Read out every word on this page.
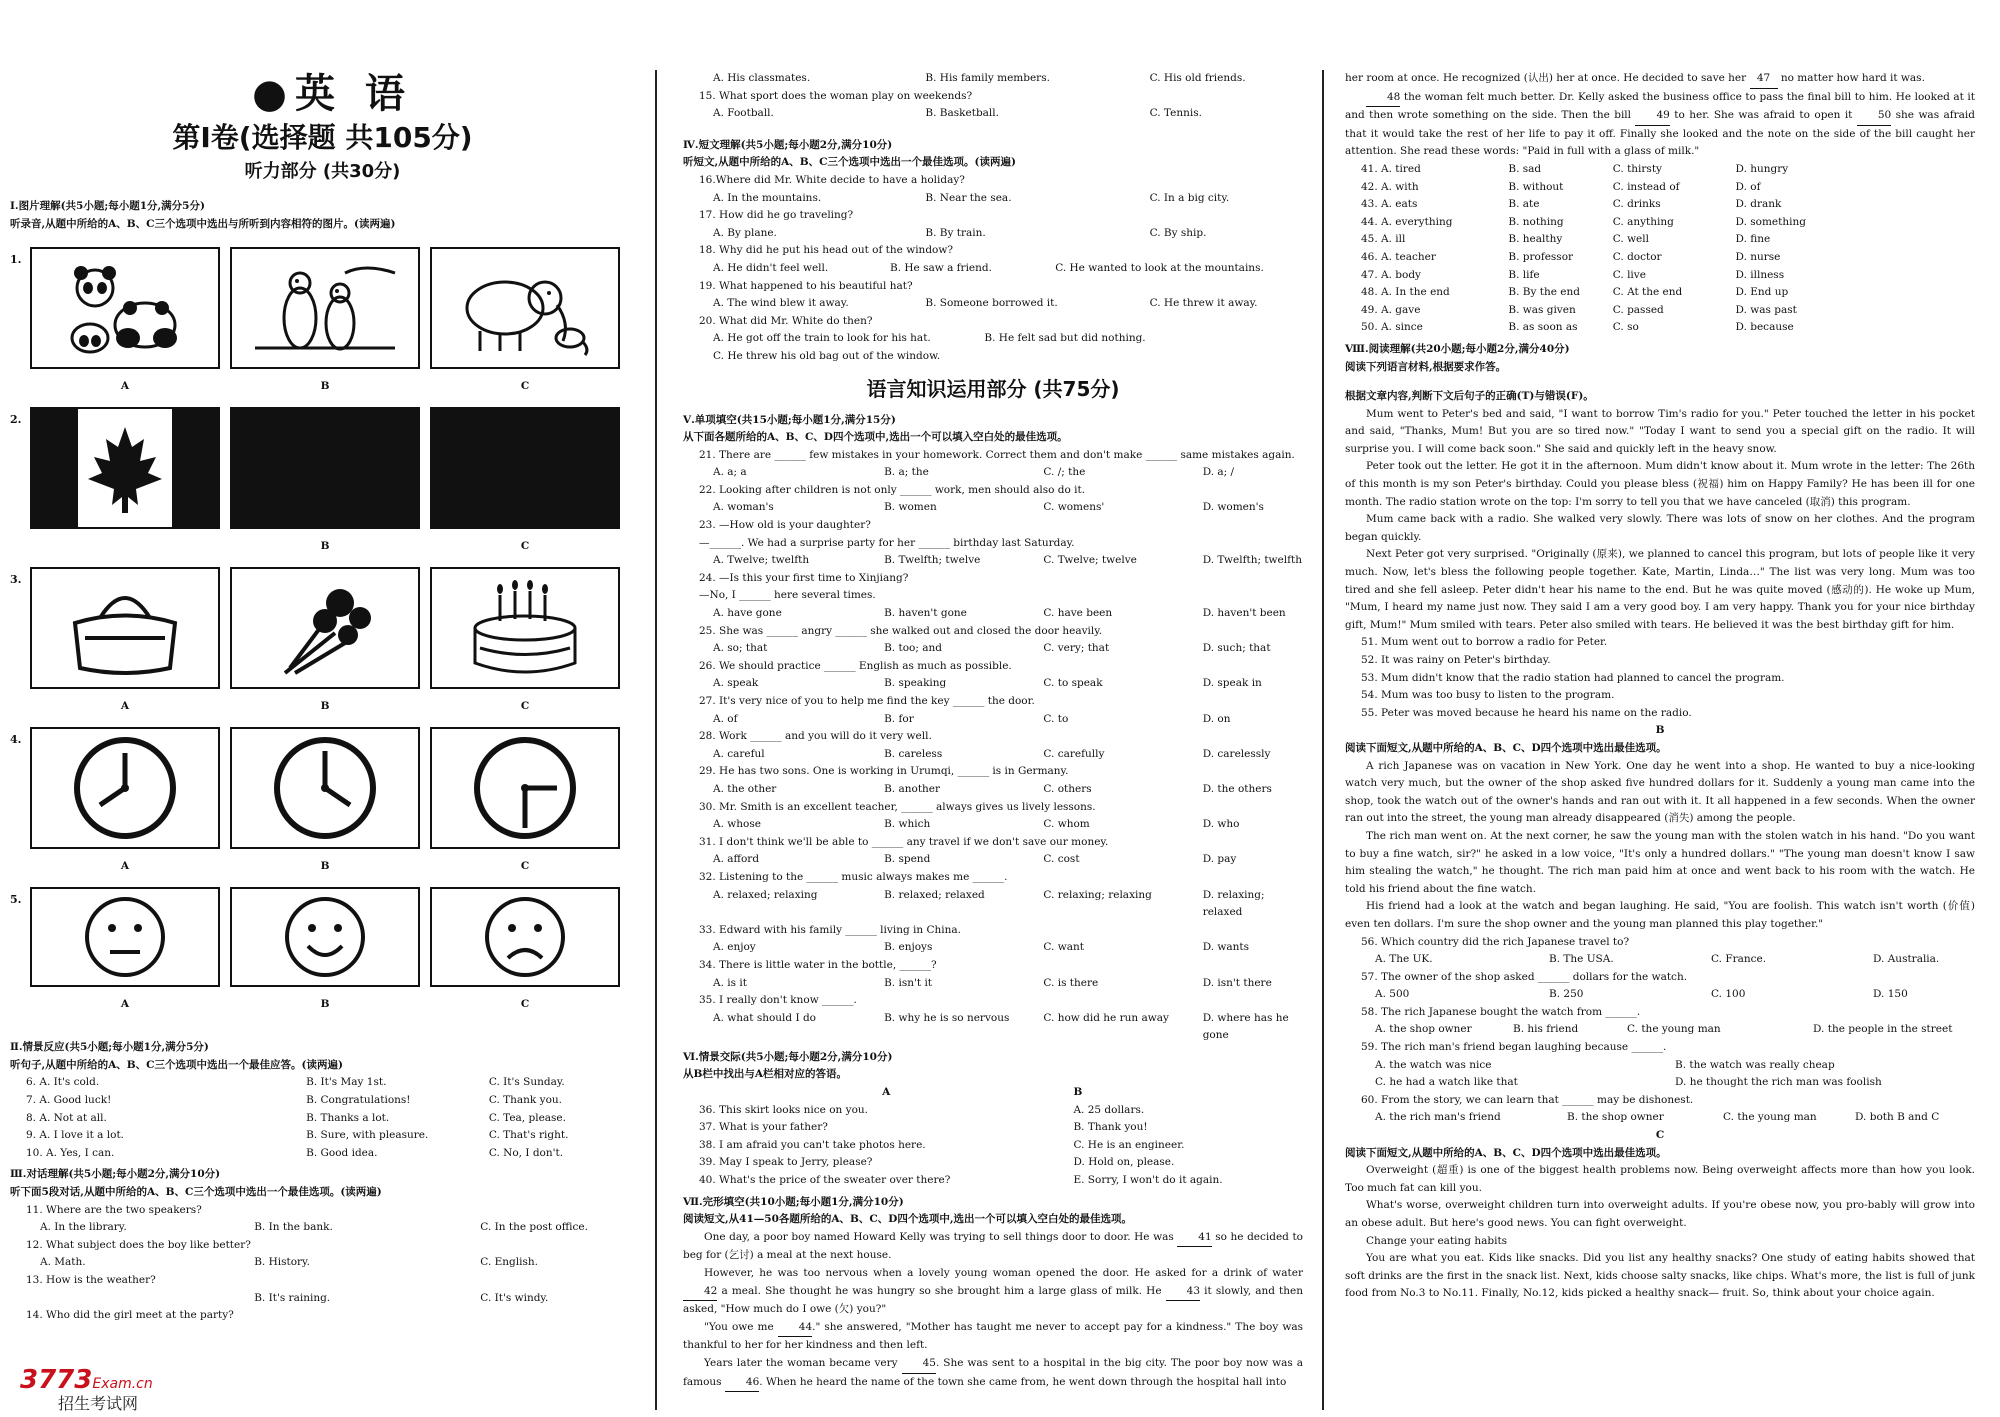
●英 语
第Ⅰ卷(选择题 共105分)
听力部分 (共30分)
Ⅰ.图片理解(共5小题;每小题1分,满分5分)
听录音,从题中所给的A、B、C三个选项中选出与所听到内容相符的图片。(读两遍)
1.
A	B	C
2.
B	C
3.
A	B	C
4.
A	B	C
5.
A	B	C
Ⅱ.情景反应(共5小题;每小题1分,满分5分)
听句子,从题中所给的A、B、C三个选项中选出一个最佳应答。(读两遍)
6. A. It's cold.	B. It's May 1st.	C. It's Sunday.
7. A. Good luck!	B. Congratulations!	C. Thank you.
8. A. Not at all.	B. Thanks a lot.	C. Tea, please.
9. A. I love it a lot.	B. Sure, with pleasure.	C. That's right.
10. A. Yes, I can.	B. Good idea.	C. No, I don't.
Ⅲ.对话理解(共5小题;每小题2分,满分10分)
听下面5段对话,从题中所给的A、B、C三个选项中选出一个最佳选项。(读两遍)
11. Where are the two speakers?
A. In the library.	B. In the bank.	C. In the post office.
12. What subject does the boy like better?
A. Math.	B. History.	C. English.
13. How is the weather?
B. It's raining.	C. It's windy.
14. Who did the girl meet at the party?
3773Exam.cn
招生考试网
A. His classmates.	B. His family members.	C. His old friends.
15. What sport does the woman play on weekends?
A. Football.	B. Basketball.	C. Tennis.
Ⅳ.短文理解(共5小题;每小题2分,满分10分)
听短文,从题中所给的A、B、C三个选项中选出一个最佳选项。(读两遍)
16.Where did Mr. White decide to have a holiday?
A. In the mountains.	B. Near the sea.	C. In a big city.
17. How did he go traveling?
A. By plane.	B. By train.	C. By ship.
18. Why did he put his head out of the window?
A. He didn't feel well.	B. He saw a friend.	C. He wanted to look at the mountains.
19. What happened to his beautiful hat?
A. The wind blew it away.	B. Someone borrowed it.	C. He threw it away.
20. What did Mr. White do then?
A. He got off the train to look for his hat.	B. He felt sad but did nothing.
C. He threw his old bag out of the window.
语言知识运用部分 (共75分)
Ⅴ.单项填空(共15小题;每小题1分,满分15分)
从下面各题所给的A、B、C、D四个选项中,选出一个可以填入空白处的最佳选项。
21. There are ______ few mistakes in your homework. Correct them and don't make ______ same mistakes again.
A. a; a	B. a; the	C. /; the	D. a; /
22. Looking after children is not only ______ work, men should also do it.
A. woman's	B. women	C. womens'	D. women's
23. —How old is your daughter?
—______. We had a surprise party for her ______ birthday last Saturday.
A. Twelve; twelfth	B. Twelfth; twelve	C. Twelve; twelve	D. Twelfth; twelfth
24. —Is this your first time to Xinjiang?
—No, I ______ here several times.
A. have gone	B. haven't gone	C. have been	D. haven't been
25. She was ______ angry ______ she walked out and closed the door heavily.
A. so; that	B. too; and	C. very; that	D. such; that
26. We should practice ______ English as much as possible.
A. speak	B. speaking	C. to speak	D. speak in
27. It's very nice of you to help me find the key ______ the door.
A. of	B. for	C. to	D. on
28. Work ______ and you will do it very well.
A. careful	B. careless	C. carefully	D. carelessly
29. He has two sons. One is working in Urumqi, ______ is in Germany.
A. the other	B. another	C. others	D. the others
30. Mr. Smith is an excellent teacher, ______ always gives us lively lessons.
A. whose	B. which	C. whom	D. who
31. I don't think we'll be able to ______ any travel if we don't save our money.
A. afford	B. spend	C. cost	D. pay
32. Listening to the ______ music always makes me ______.
A. relaxed; relaxing	B. relaxed; relaxed	C. relaxing; relaxing	D. relaxing; relaxed
33. Edward with his family ______ living in China.
A. enjoy	B. enjoys	C. want	D. wants
34. There is little water in the bottle, ______?
A. is it	B. isn't it	C. is there	D. isn't there
35. I really don't know ______.
A. what should I do	B. why he is so nervous	C. how did he run away	D. where has he gone
Ⅵ.情景交际(共5小题;每小题2分,满分10分)
从B栏中找出与A栏相对应的答语。
A	B
36. This skirt looks nice on you.	A. 25 dollars.
37. What is your father?	B. Thank you!
38. I am afraid you can't take photos here.	C. He is an engineer.
39. May I speak to Jerry, please?	D. Hold on, please.
40. What's the price of the sweater over there?	E. Sorry, I won't do it again.
Ⅶ.完形填空(共10小题;每小题1分,满分10分)
阅读短文,从41—50各题所给的A、B、C、D四个选项中,选出一个可以填入空白处的最佳选项。
One day, a poor boy named Howard Kelly was trying to sell things door to door. He was 41 so he decided to beg for (乞讨) a meal at the next house.
However, he was too nervous when a lovely young woman opened the door. He asked for a drink of water 42 a meal. She thought he was hungry so she brought him a large glass of milk. He 43 it slowly, and then asked, "How much do I owe (欠) you?"
"You owe me 44." she answered, "Mother has taught me never to accept pay for a kindness." The boy was thankful to her for her kindness and then left.
Years later the woman became very 45. She was sent to a hospital in the big city. The poor boy now was a famous 46. When he heard the name of the town she came from, he went down through the hospital hall into
her room at once. He recognized (认出) her at once. He decided to save her 47 no matter how hard it was.
48 the woman felt much better. Dr. Kelly asked the business office to pass the final bill to him. He looked at it and then wrote something on the side. Then the bill 49 to her. She was afraid to open it 50 she was afraid that it would take the rest of her life to pay it off. Finally she looked and the note on the side of the bill caught her attention. She read these words: "Paid in full with a glass of milk."
41. A. tired	B. sad	C. thirsty	D. hungry
42. A. with	B. without	C. instead of	D. of
43. A. eats	B. ate	C. drinks	D. drank
44. A. everything	B. nothing	C. anything	D. something
45. A. ill	B. healthy	C. well	D. fine
46. A. teacher	B. professor	C. doctor	D. nurse
47. A. body	B. life	C. live	D. illness
48. A. In the end	B. By the end	C. At the end	D. End up
49. A. gave	B. was given	C. passed	D. was past
50. A. since	B. as soon as	C. so	D. because
Ⅷ.阅读理解(共20小题;每小题2分,满分40分)
阅读下列语言材料,根据要求作答。
根据文章内容,判断下文后句子的正确(T)与错误(F)。
Mum went to Peter's bed and said, "I want to borrow Tim's radio for you." Peter touched the letter in his pocket and said, "Thanks, Mum! But you are so tired now." "Today I want to send you a special gift on the radio. It will surprise you. I will come back soon." She said and quickly left in the heavy snow.
Peter took out the letter. He got it in the afternoon. Mum didn't know about it. Mum wrote in the letter: The 26th of this month is my son Peter's birthday. Could you please bless (祝福) him on Happy Family? He has been ill for one month. The radio station wrote on the top: I'm sorry to tell you that we have canceled (取消) this program.
Mum came back with a radio. She walked very slowly. There was lots of snow on her clothes. And the program began quickly.
Next Peter got very surprised. "Originally (原来), we planned to cancel this program, but lots of people like it very much. Now, let's bless the following people together. Kate, Martin, Linda…" The list was very long. Mum was too tired and she fell asleep. Peter didn't hear his name to the end. But he was quite moved (感动的). He woke up Mum, "Mum, I heard my name just now. They said I am a very good boy. I am very happy. Thank you for your nice birthday gift, Mum!" Mum smiled with tears. Peter also smiled with tears. He believed it was the best birthday gift for him.
51. Mum went out to borrow a radio for Peter.
52. It was rainy on Peter's birthday.
53. Mum didn't know that the radio station had planned to cancel the program.
54. Mum was too busy to listen to the program.
55. Peter was moved because he heard his name on the radio.
B
阅读下面短文,从题中所给的A、B、C、D四个选项中选出最佳选项。
A rich Japanese was on vacation in New York. One day he went into a shop. He wanted to buy a nice-looking watch very much, but the owner of the shop asked five hundred dollars for it. Suddenly a young man came into the shop, took the watch out of the owner's hands and ran out with it. It all happened in a few seconds. When the owner ran out into the street, the young man already disappeared (消失) among the people.
The rich man went on. At the next corner, he saw the young man with the stolen watch in his hand. "Do you want to buy a fine watch, sir?" he asked in a low voice, "It's only a hundred dollars." "The young man doesn't know I saw him stealing the watch," he thought. The rich man paid him at once and went back to his room with the watch. He told his friend about the fine watch.
His friend had a look at the watch and began laughing. He said, "You are foolish. This watch isn't worth (价值) even ten dollars. I'm sure the shop owner and the young man planned this play together."
56. Which country did the rich Japanese travel to?
A. The UK.	B. The USA.	C. France.	D. Australia.
57. The owner of the shop asked ______ dollars for the watch.
A. 500	B. 250	C. 100	D. 150
58. The rich Japanese bought the watch from ______.
A. the shop owner	B. his friend	C. the young man	D. the people in the street
59. The rich man's friend began laughing because ______.
A. the watch was nice	B. the watch was really cheap
C. he had a watch like that	D. he thought the rich man was foolish
60. From the story, we can learn that ______ may be dishonest.
A. the rich man's friend	B. the shop owner	C. the young man	D. both B and C
C
阅读下面短文,从题中所给的A、B、C、D四个选项中选出最佳选项。
Overweight (超重) is one of the biggest health problems now. Being overweight affects more than how you look. Too much fat can kill you.
What's worse, overweight children turn into overweight adults. If you're obese now, you pro-bably will grow into an obese adult. But here's good news. You can fight overweight.
Change your eating habits
You are what you eat. Kids like snacks. Did you list any healthy snacks? One study of eating habits showed that soft drinks are the first in the snack list. Next, kids choose salty snacks, like chips. What's more, the list is full of junk food from No.3 to No.11. Finally, No.12, kids picked a healthy snack— fruit. So, think about your choice again.
